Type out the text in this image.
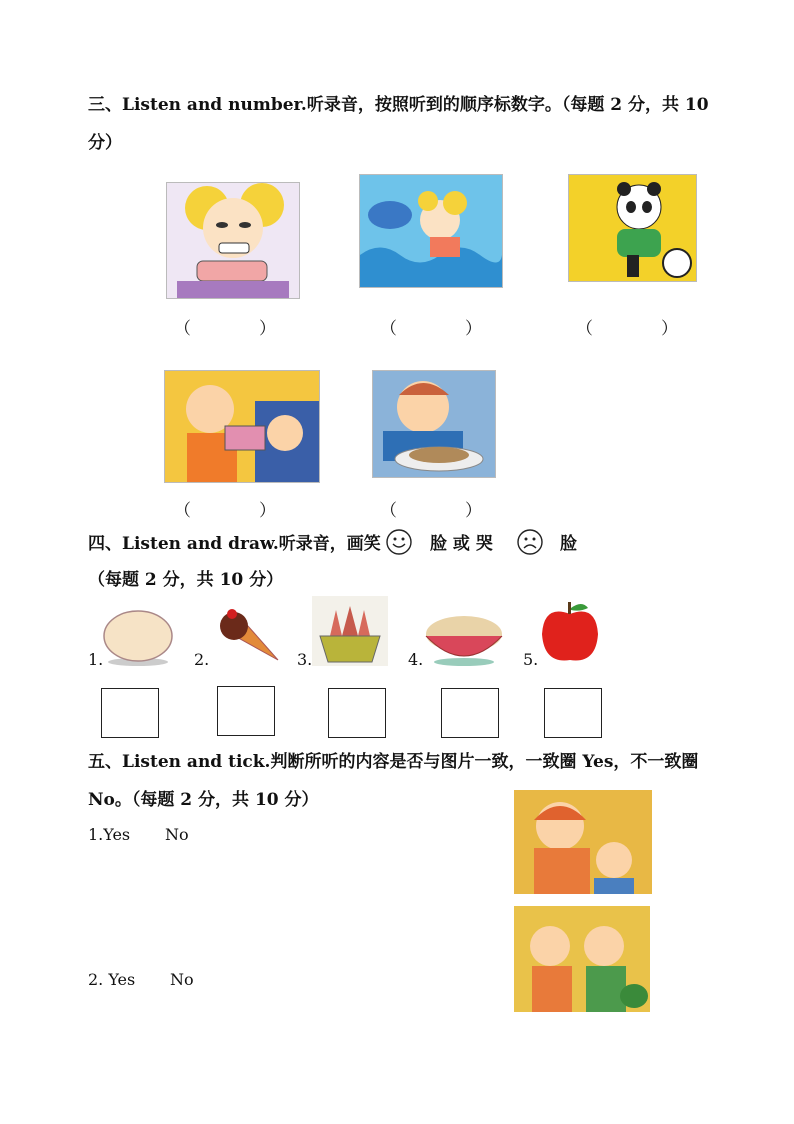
三、Listen and number.听录音，按照听到的顺序标数字。（每题 2 分，共 10
分）
（　　　　）	（　　　　）	（　　　　）
（　　　　）	（　　　　）
四、Listen and draw.听录音，画笑	脸 或 哭	脸
（每题 2 分，共 10 分）
1.	2.	3.	4.	5.
五、Listen and tick.判断所听的内容是否与图片一致，一致圈 Yes，不一致圈
No。（每题 2 分，共 10 分）
1.Yes No
2. Yes No
